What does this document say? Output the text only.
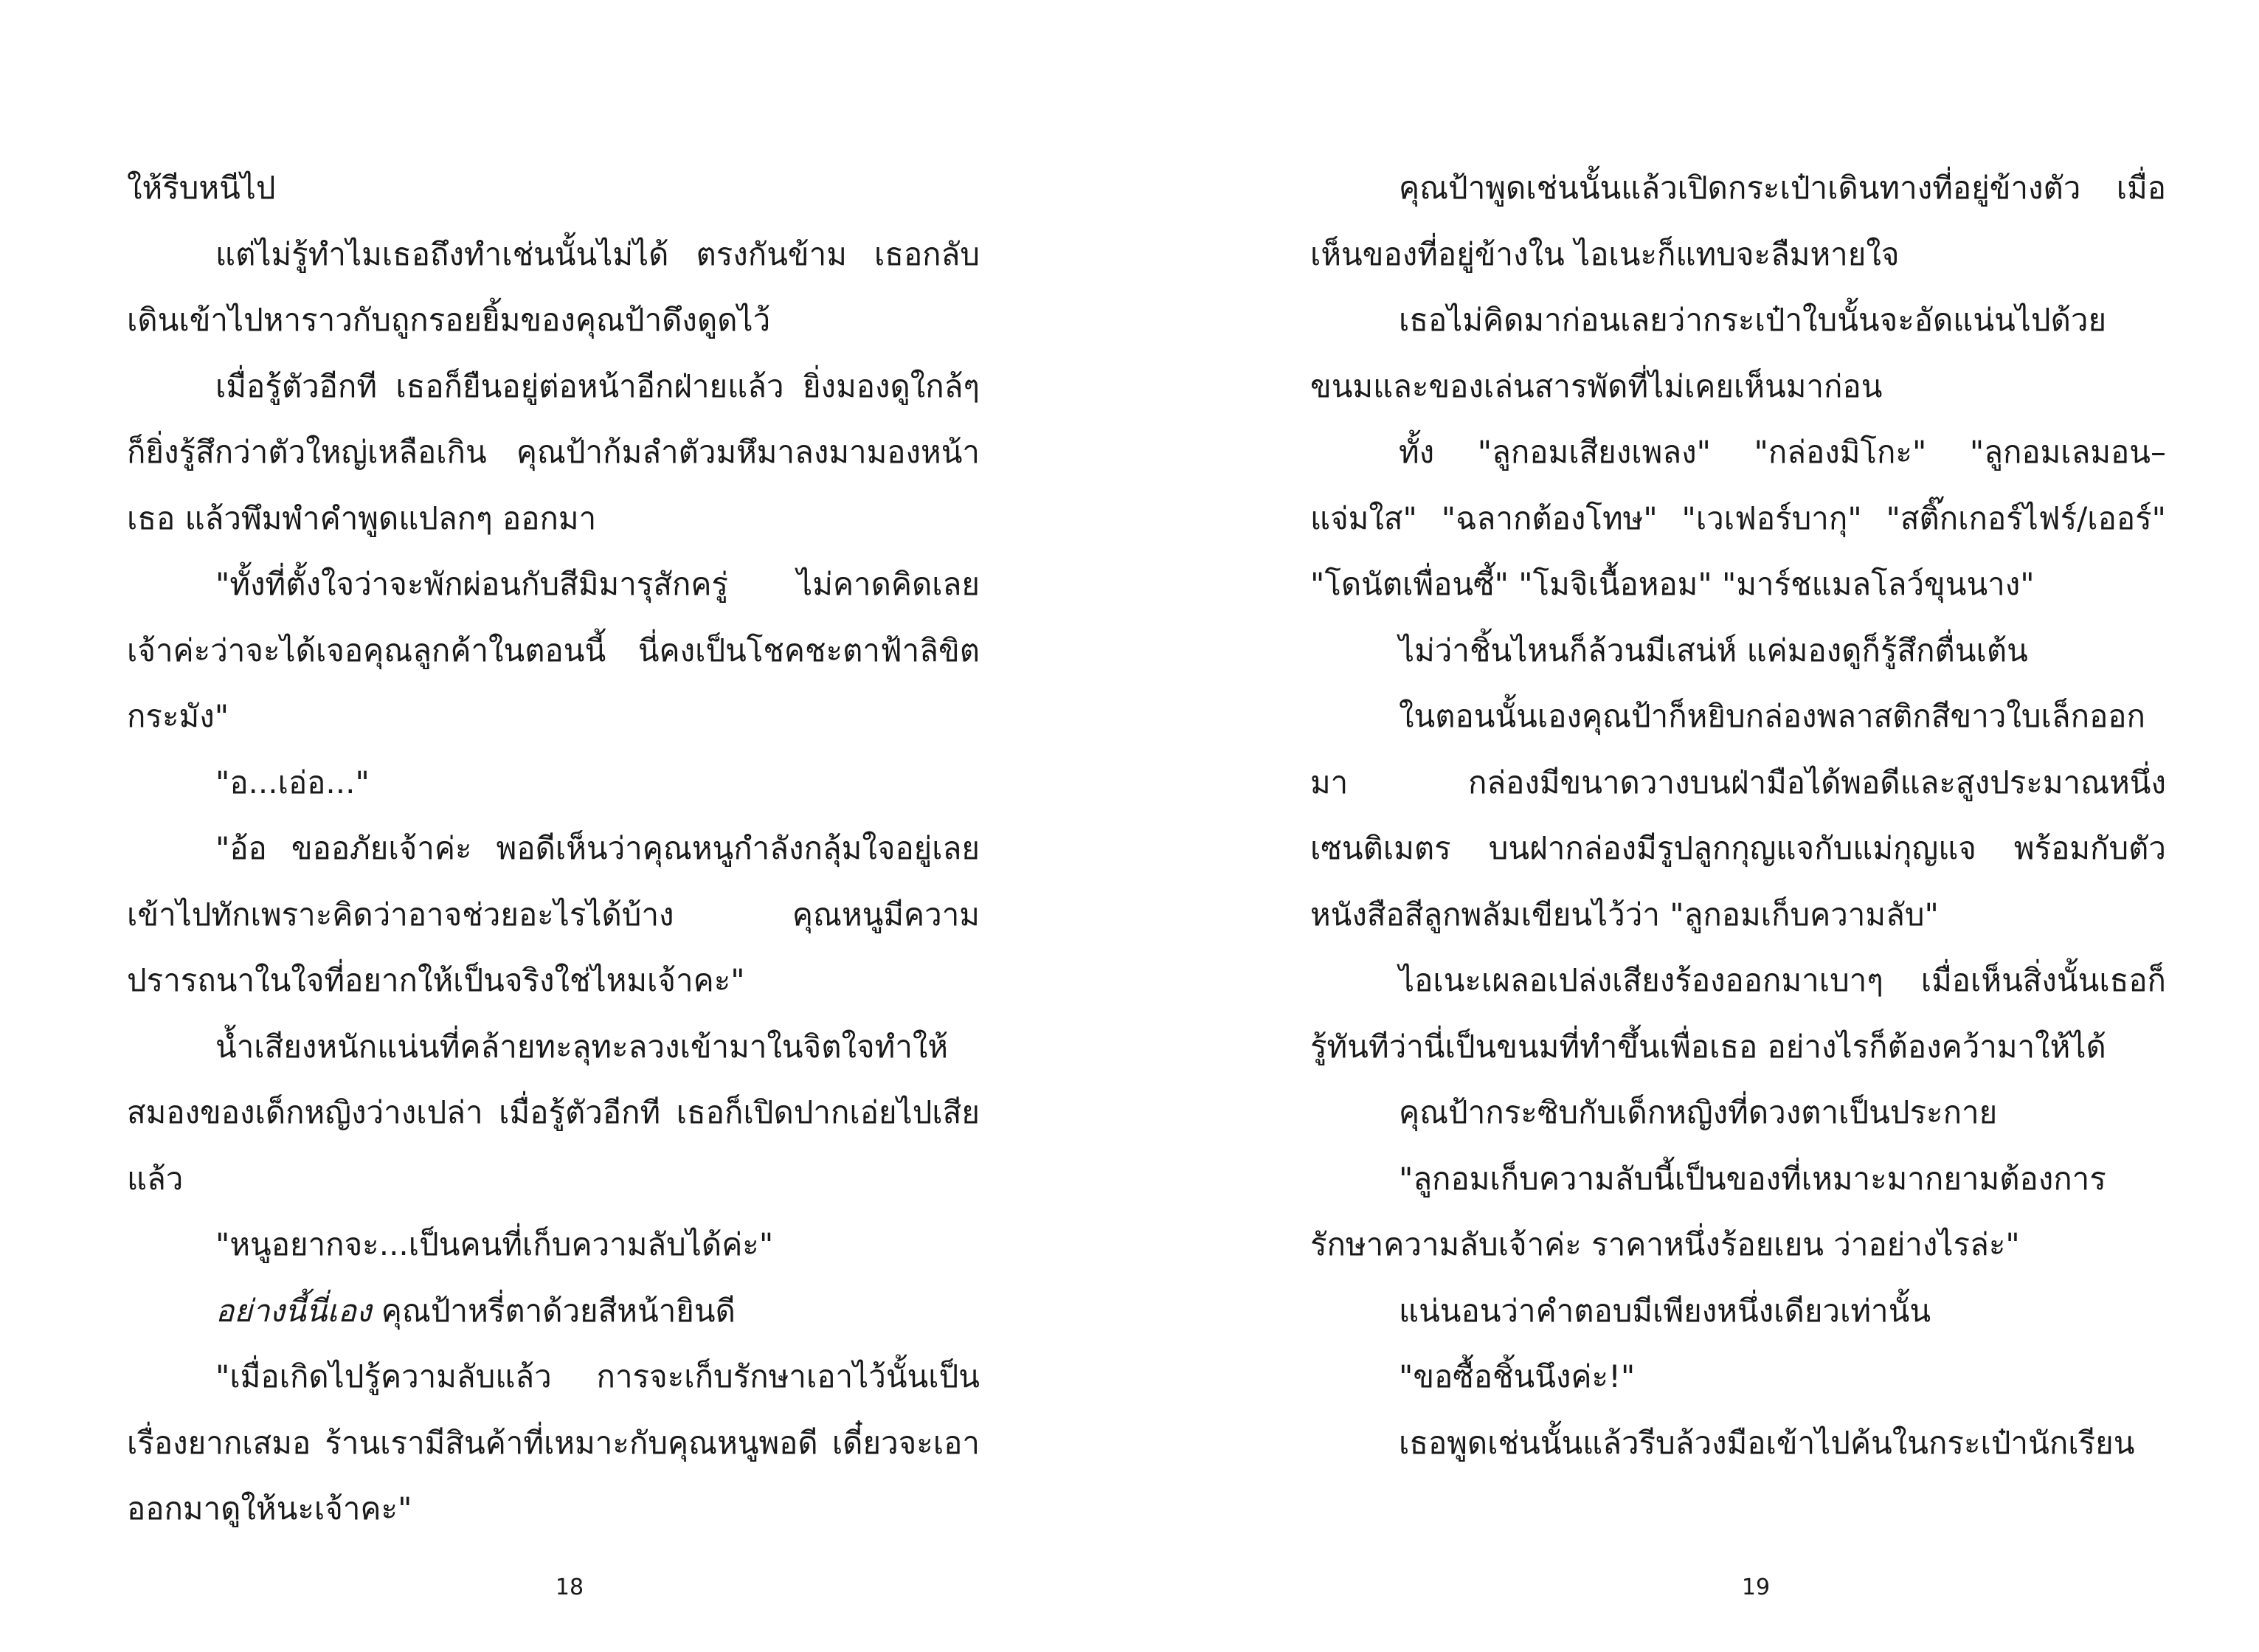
ให้รีบหนีไป

แต่ไม่รู้ทำไมเธอถึงทำเช่นนั้นไม่ได้ ตรงกันข้าม เธอกลับเดินเข้าไปหาราวกับถูกรอยยิ้มของคุณป้าดึงดูดไว้

เมื่อรู้ตัวอีกที เธอก็ยืนอยู่ต่อหน้าอีกฝ่ายแล้ว ยิ่งมองดูใกล้ๆ ก็ยิ่งรู้สึกว่าตัวใหญ่เหลือเกิน คุณป้าก้มลำตัวมหึมาลงมามองหน้าเธอ แล้วพึมพำคำพูดแปลกๆ ออกมา

"ทั้งที่ตั้งใจว่าจะพักผ่อนกับสีมิมารุสักครู่ ไม่คาดคิดเลยเจ้าค่ะว่าจะได้เจอคุณลูกค้าในตอนนี้ นี่คงเป็นโชคชะตาฟ้าลิขิตกระมัง"

"อ...เอ่อ..."

"อ้อ ขออภัยเจ้าค่ะ พอดีเห็นว่าคุณหนูกำลังกลุ้มใจอยู่เลยเข้าไปทักเพราะคิดว่าอาจช่วยอะไรได้บ้าง คุณหนูมีความปรารถนาในใจที่อยากให้เป็นจริงใช่ไหมเจ้าคะ"

น้ำเสียงหนักแน่นที่คล้ายทะลุทะลวงเข้ามาในจิตใจทำให้สมองของเด็กหญิงว่างเปล่า เมื่อรู้ตัวอีกที เธอก็เปิดปากเอ่ยไปเสียแล้ว

"หนูอยากจะ...เป็นคนที่เก็บความลับได้ค่ะ"

อย่างนี้นี่เอง คุณป้าหรี่ตาด้วยสีหน้ายินดี

"เมื่อเกิดไปรู้ความลับแล้ว การจะเก็บรักษาเอาไว้นั้นเป็นเรื่องยากเสมอ ร้านเรามีสินค้าที่เหมาะกับคุณหนูพอดี เดี๋ยวจะเอาออกมาดูให้นะเจ้าคะ"

18

คุณป้าพูดเช่นนั้นแล้วเปิดกระเป๋าเดินทางที่อยู่ข้างตัว เมื่อเห็นของที่อยู่ข้างใน ไอเนะก็แทบจะลืมหายใจ

เธอไม่คิดมาก่อนเลยว่ากระเป๋าใบนั้นจะอัดแน่นไปด้วยขนมและของเล่นสารพัดที่ไม่เคยเห็นมาก่อน

ทั้ง "ลูกอมเสียงเพลง" "กล่องมิโกะ" "ลูกอมเลมอน–แจ่มใส" "ฉลากต้องโทษ" "เวเฟอร์บากุ" "สติ๊กเกอร์ไฟร์/เออร์" "โดนัตเพื่อนซี้" "โมจิเนื้อหอม" "มาร์ชแมลโลว์ขุนนาง"

ไม่ว่าชิ้นไหนก็ล้วนมีเสน่ห์ แค่มองดูก็รู้สึกตื่นเต้น

ในตอนนั้นเองคุณป้าก็หยิบกล่องพลาสติกสีขาวใบเล็กออกมา กล่องมีขนาดวางบนฝ่ามือได้พอดีและสูงประมาณหนึ่งเซนติเมตร บนฝากล่องมีรูปลูกกุญแจกับแม่กุญแจ พร้อมกับตัวหนังสือสีลูกพลัมเขียนไว้ว่า "ลูกอมเก็บความลับ"

ไอเนะเผลอเปล่งเสียงร้องออกมาเบาๆ เมื่อเห็นสิ่งนั้นเธอก็รู้ทันทีว่านี่เป็นขนมที่ทำขึ้นเพื่อเธอ อย่างไรก็ต้องคว้ามาให้ได้

คุณป้ากระซิบกับเด็กหญิงที่ดวงตาเป็นประกาย

"ลูกอมเก็บความลับนี้เป็นของที่เหมาะมากยามต้องการรักษาความลับเจ้าค่ะ ราคาหนึ่งร้อยเยน ว่าอย่างไรล่ะ"

แน่นอนว่าคำตอบมีเพียงหนึ่งเดียวเท่านั้น

"ขอซื้อชิ้นนึงค่ะ!"

เธอพูดเช่นนั้นแล้วรีบล้วงมือเข้าไปค้นในกระเป๋านักเรียน

19
